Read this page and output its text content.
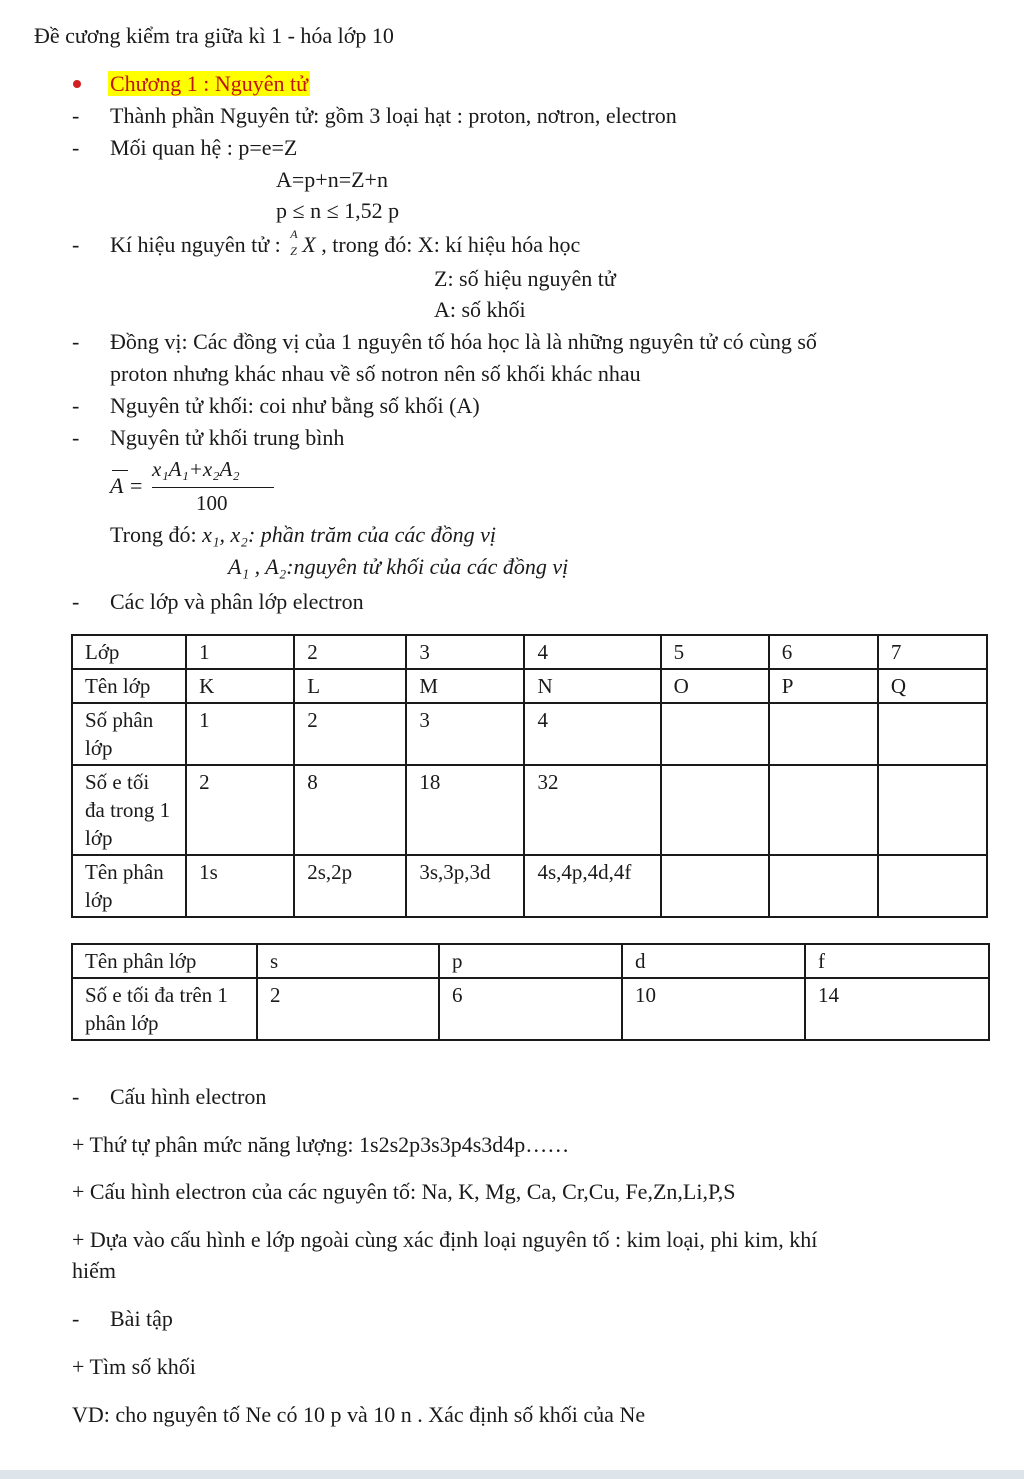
Đề cương kiểm tra giữa kì 1 - hóa lớp 10
Chương 1 : Nguyên tử
- Thành phần Nguyên tử: gồm 3 loại hạt : proton, nơtron, electron
- Mối quan hệ : p=e=Z
A=p+n=Z+n
p ≤ n ≤ 1,52 p
- Kí hiệu nguyên tử : A
Z X , trong đó: X: kí hiệu hóa học
Z: số hiệu nguyên tử
A: số khối
- Đồng vị: Các đồng vị của 1 nguyên tố hóa học là là những nguyên tử có cùng số
proton nhưng khác nhau về số notron nên số khối khác nhau
- Nguyên tử khối: coi như bằng số khối (A)
- Nguyên tử khối trung bình
A =
x₁A₁+x₂A₂
100
Trong đó: x₁, x₂: phần trăm của các đồng vị
A₁ , A₂:nguyên tử khối của các đồng vị
- Các lớp và phân lớp electron
Lớp	1	2	3	4	5	6	7
Tên lớp	K	L	M	N	O	P	Q
Số phân lớp	1	2	3	4			
Số e tối đa trong 1 lớp	2	8	18	32			
Tên phân lớp	1s	2s,2p	3s,3p,3d	4s,4p,4d,4f			
Tên phân lớp	s	p	d	f
Số e tối đa trên 1 phân lớp	2	6	10	14
- Cấu hình electron
+ Thứ tự phân mức năng lượng: 1s2s2p3s3p4s3d4p……
+ Cấu hình electron của các nguyên tố: Na, K, Mg, Ca, Cr,Cu, Fe,Zn,Li,P,S
+ Dựa vào cấu hình e lớp ngoài cùng xác định loại nguyên tố : kim loại, phi kim, khí
hiếm
- Bài tập
+ Tìm số khối
VD: cho nguyên tố Ne có 10 p và 10 n . Xác định số khối của Ne
